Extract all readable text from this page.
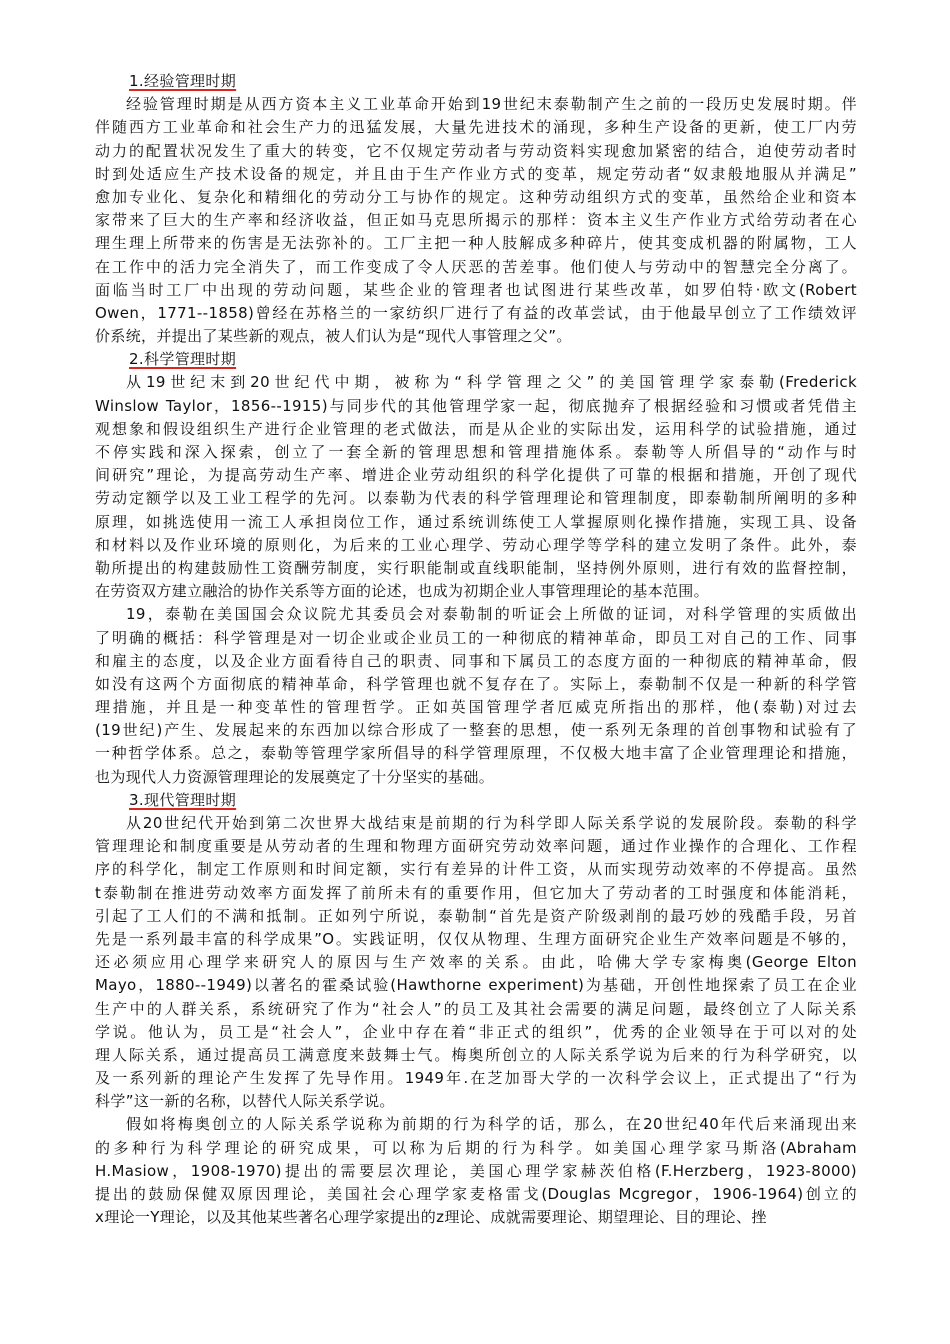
1.经验管理时期
经验管理时期是从西方资本主义工业革命开始到19世纪末泰勒制产生之前的一段历史发展时期。伴
伴随西方工业革命和社会生产力的迅猛发展，大量先进技术的涌现，多种生产设备的更新，使工厂内劳
动力的配置状况发生了重大的转变，它不仅规定劳动者与劳动资料实现愈加紧密的结合，迫使劳动者时
时到处适应生产技术设备的规定，并且由于生产作业方式的变革，规定劳动者“奴隶般地服从并满足”
愈加专业化、复杂化和精细化的劳动分工与协作的规定。这种劳动组织方式的变革，虽然给企业和资本
家带来了巨大的生产率和经济收益，但正如马克思所揭示的那样：资本主义生产作业方式给劳动者在心
理生理上所带来的伤害是无法弥补的。工厂主把一种人肢解成多种碎片，使其变成机器的附属物，工人
在工作中的活力完全消失了，而工作变成了令人厌恶的苦差事。他们使人与劳动中的智慧完全分离了。
面临当时工厂中出现的劳动问题，某些企业的管理者也试图进行某些改革，如罗伯特·欧文(Robert
Owen，1771--1858)曾经在苏格兰的一家纺织厂进行了有益的改革尝试，由于他最早创立了工作绩效评
价系统，并提出了某些新的观点，被人们认为是“现代人事管理之父”。
2.科学管理时期
从19世纪末到20世纪代中期，被称为“科学管理之父”的美国管理学家泰勒(Frederick
Winslow Taylor，1856--1915)与同步代的其他管理学家一起，彻底抛弃了根据经验和习惯或者凭借主
观想象和假设组织生产进行企业管理的老式做法，而是从企业的实际出发，运用科学的试验措施，通过
不停实践和深入探索，创立了一套全新的管理思想和管理措施体系。泰勒等人所倡导的“动作与时
间研究”理论，为提高劳动生产率、增进企业劳动组织的科学化提供了可靠的根据和措施，开创了现代
劳动定额学以及工业工程学的先河。以泰勒为代表的科学管理理论和管理制度，即泰勒制所阐明的多种
原理，如挑选使用一流工人承担岗位工作，通过系统训练使工人掌握原则化操作措施，实现工具、设备
和材料以及作业环境的原则化，为后来的工业心理学、劳动心理学等学科的建立发明了条件。此外，泰
勒所提出的构建鼓励性工资酬劳制度，实行职能制或直线职能制，坚持例外原则，进行有效的监督控制，
在劳资双方建立融洽的协作关系等方面的论述，也成为初期企业人事管理理论的基本范围。
19，泰勒在美国国会众议院尤其委员会对泰勒制的听证会上所做的证词，对科学管理的实质做出
了明确的概括：科学管理是对一切企业或企业员工的一种彻底的精神革命，即员工对自己的工作、同事
和雇主的态度，以及企业方面看待自己的职责、同事和下属员工的态度方面的一种彻底的精神革命，假
如没有这两个方面彻底的精神革命，科学管理也就不复存在了。实际上，泰勒制不仅是一种新的科学管
理措施，并且是一种变革性的管理哲学。正如英国管理学者厄威克所指出的那样，他(泰勒)对过去
(19世纪)产生、发展起来的东西加以综合形成了一整套的思想，使一系列无条理的首创事物和试验有了
一种哲学体系。总之，泰勒等管理学家所倡导的科学管理原理，不仅极大地丰富了企业管理理论和措施，
也为现代人力资源管理理论的发展奠定了十分坚实的基础。
3.现代管理时期
从20世纪代开始到第二次世界大战结束是前期的行为科学即人际关系学说的发展阶段。泰勒的科学
管理理论和制度重要是从劳动者的生理和物理方面研究劳动效率问题，通过作业操作的合理化、工作程
序的科学化，制定工作原则和时间定额，实行有差异的计件工资，从而实现劳动效率的不停提高。虽然
t泰勒制在推进劳动效率方面发挥了前所未有的重要作用，但它加大了劳动者的工时强度和体能消耗，
引起了工人们的不满和抵制。正如列宁所说，泰勒制“首先是资产阶级剥削的最巧妙的残酷手段，另首
先是一系列最丰富的科学成果”O。实践证明，仅仅从物理、生理方面研究企业生产效率问题是不够的，
还必须应用心理学来研究人的原因与生产效率的关系。由此，哈佛大学专家梅奥(George Elton
Mayo，1880--1949)以著名的霍桑试验(Hawthorne experiment)为基础，开创性地探索了员工在企业
生产中的人群关系，系统研究了作为“社会人”的员工及其社会需要的满足问题，最终创立了人际关系
学说。他认为，员工是“社会人”，企业中存在着“非正式的组织”，优秀的企业领导在于可以对的处
理人际关系，通过提高员工满意度来鼓舞士气。梅奥所创立的人际关系学说为后来的行为科学研究，以
及一系列新的理论产生发挥了先导作用。1949年.在芝加哥大学的一次科学会议上，正式提出了“行为
科学”这一新的名称，以替代人际关系学说。
假如将梅奥创立的人际关系学说称为前期的行为科学的话，那么，在20世纪40年代后来涌现出来
的多种行为科学理论的研究成果，可以称为后期的行为科学。如美国心理学家马斯洛(Abraham
H.Masiow，1908-1970)提出的需要层次理论，美国心理学家赫茨伯格(F.Herzberg，1923-8000)
提出的鼓励保健双原因理论，美国社会心理学家麦格雷戈(Douglas Mcgregor，1906-1964)创立的
x理论一Y理论，以及其他某些著名心理学家提出的z理论、成就需要理论、期望理论、目的理论、挫
